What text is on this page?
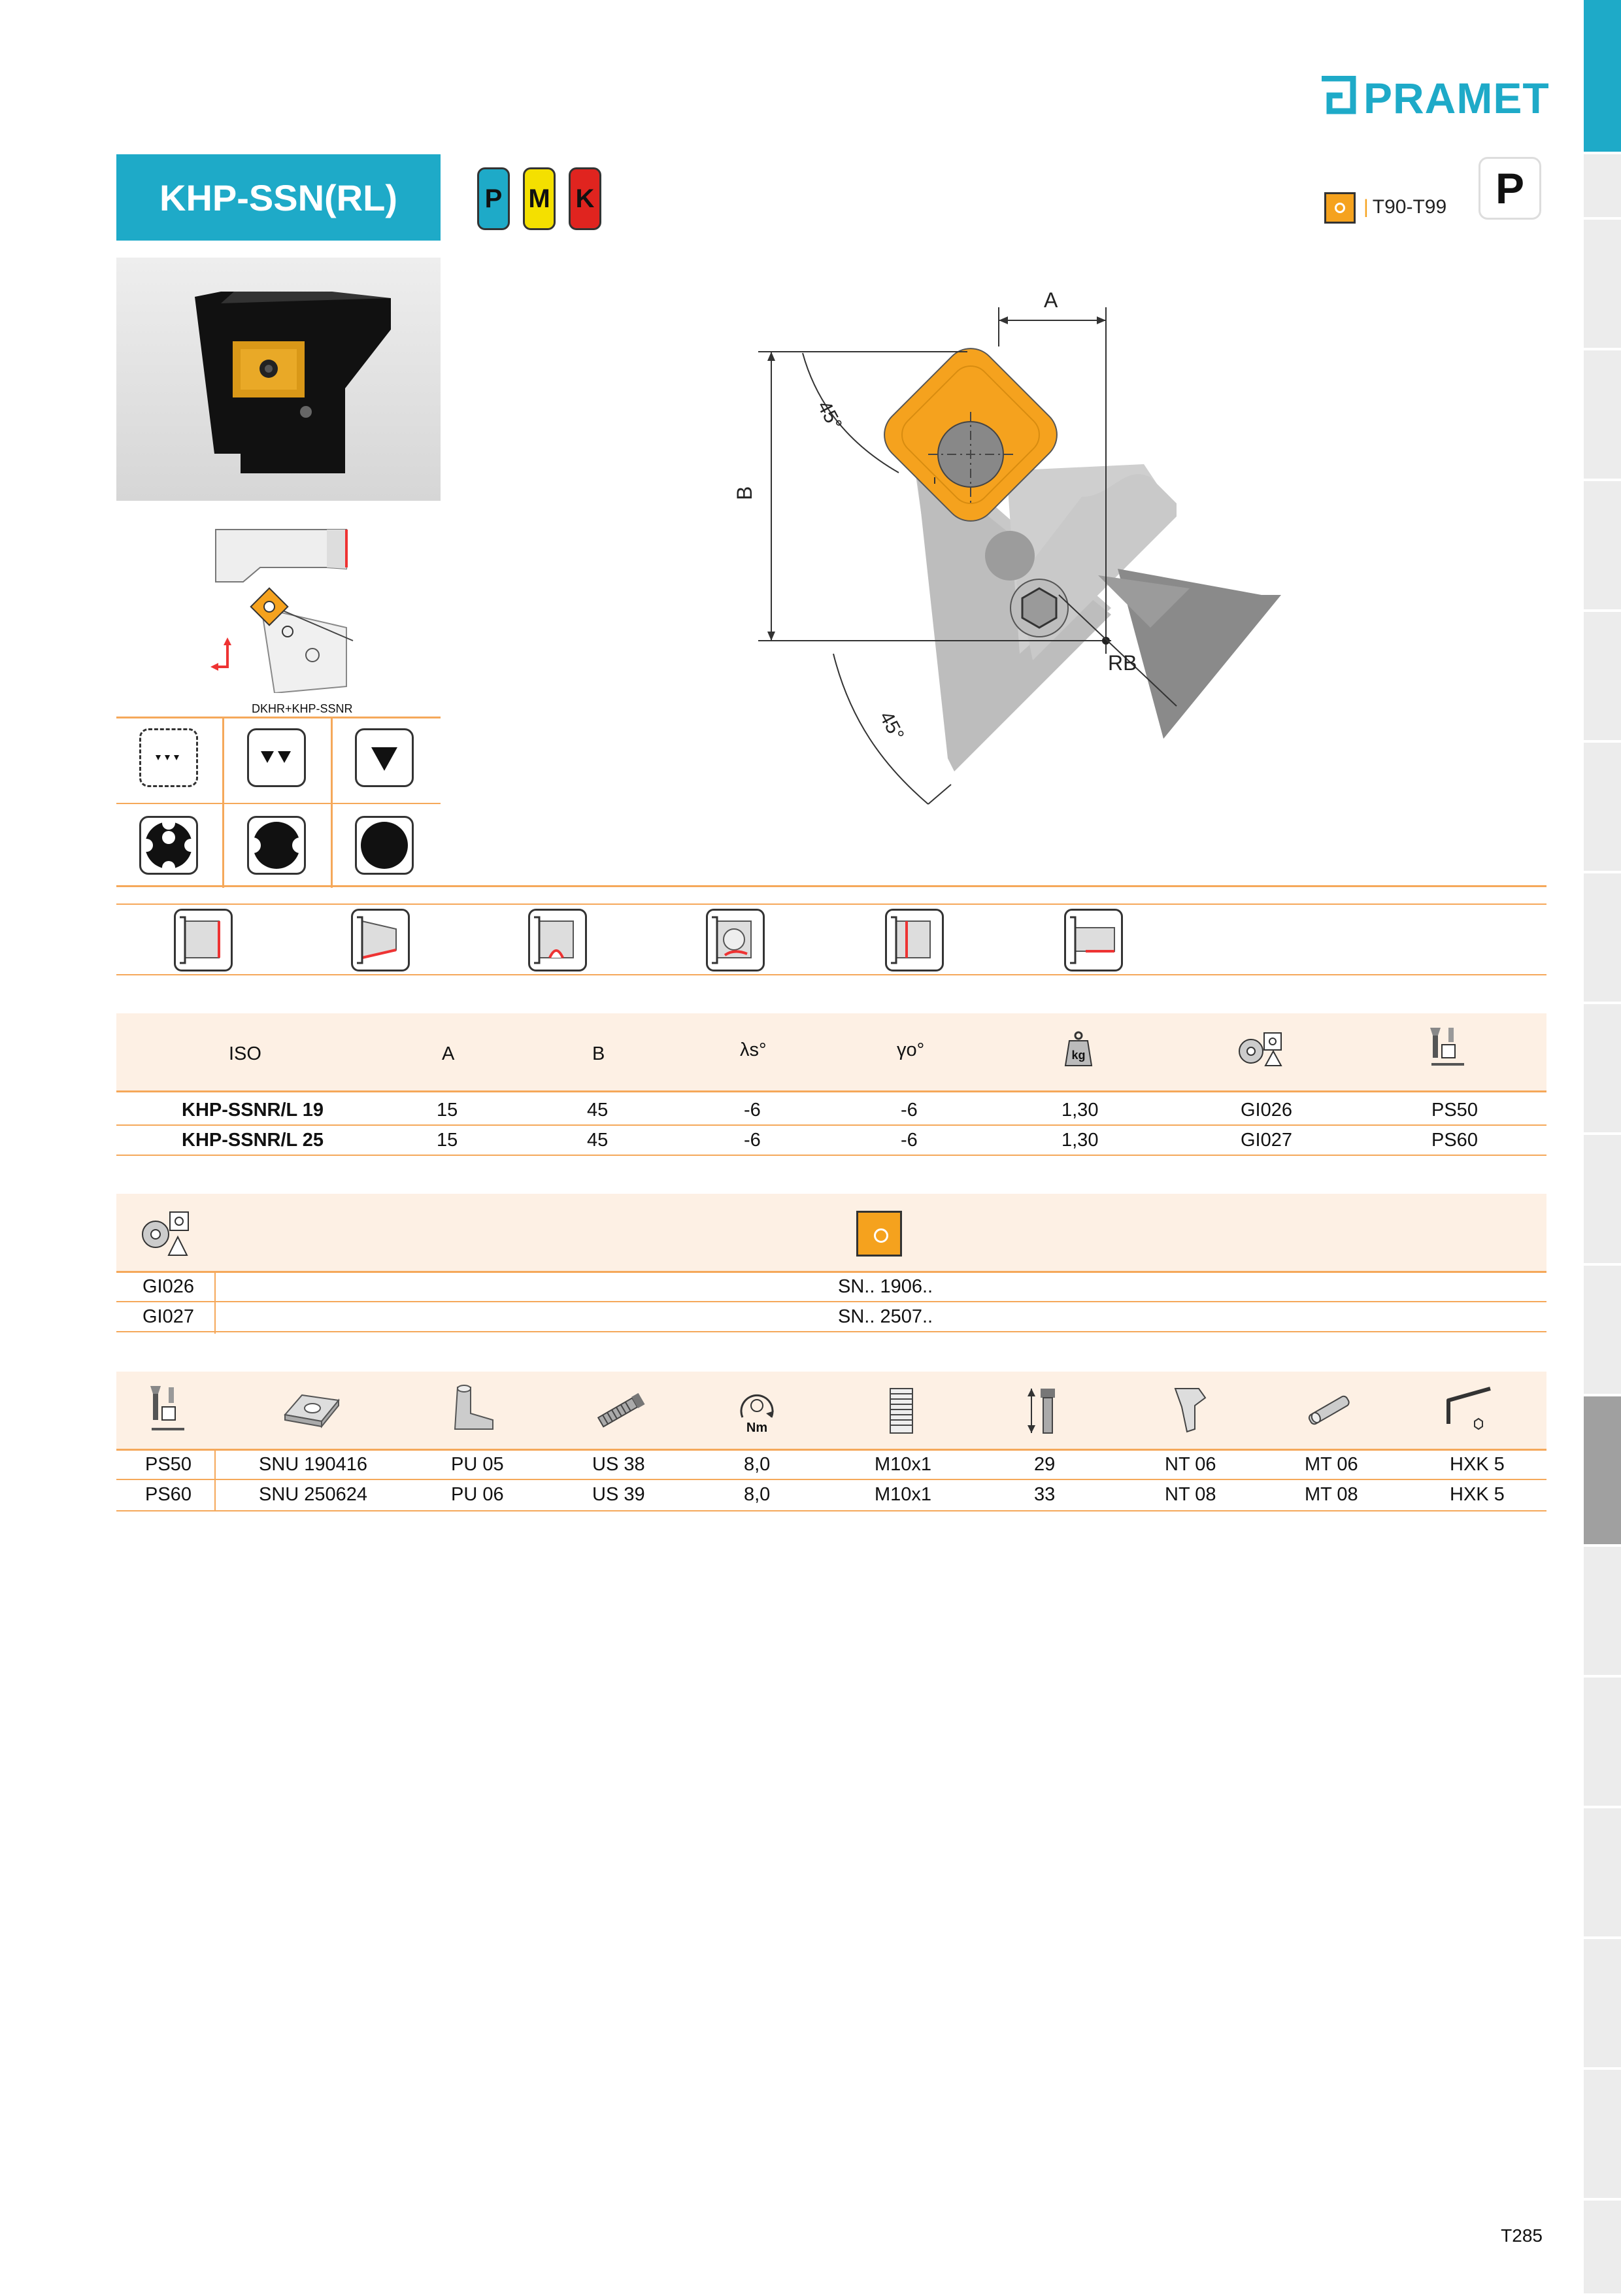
PRAMET
KHP-SSN(RL)	P M K	| T90-T99	P
DKHR+KHP-SSNR
A
B
RB
45°
45°
ISO	A	B	λs°	γo°	kg
KHP-SSNR/L 19	15	45	-6	-6	1,30	GI026	PS50
KHP-SSNR/L 25	15	45	-6	-6	1,30	GI027	PS60
GI026	SN.. 1906..
GI027	SN.. 2507..
Nm
PS50	SNU 190416	PU 05	US 38	8,0	M10x1	29	NT 06	MT 06	HXK 5
PS60	SNU 250624	PU 06	US 39	8,0	M10x1	33	NT 08	MT 08	HXK 5
T285
